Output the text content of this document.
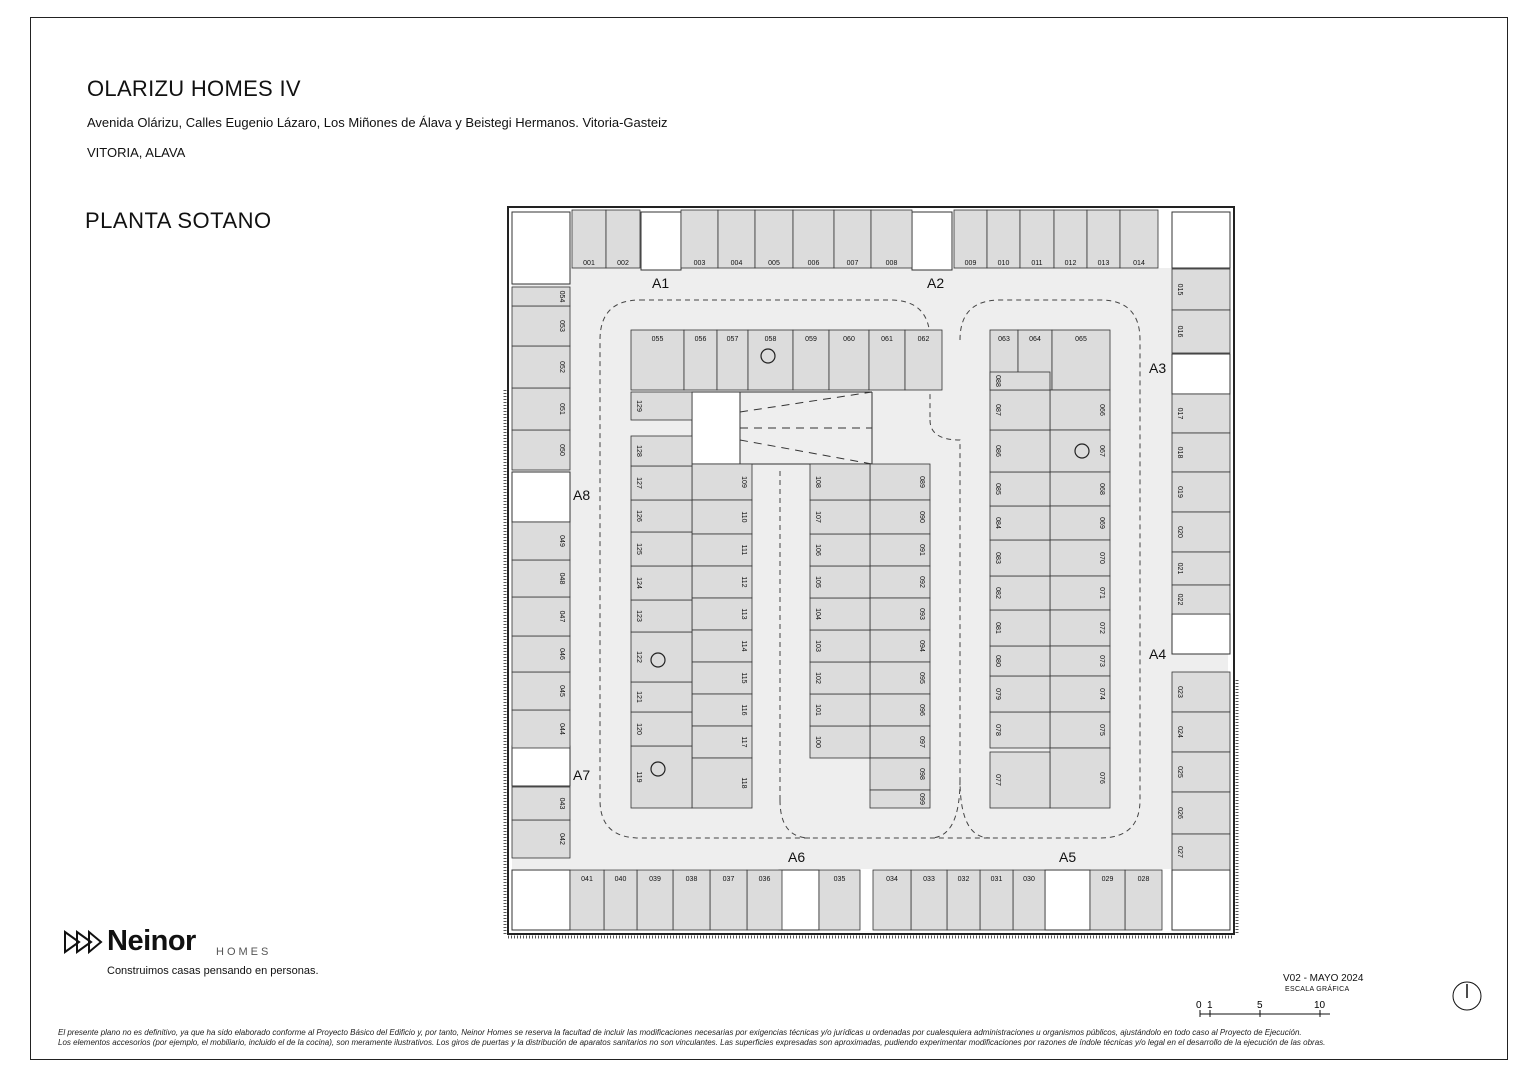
OLARIZU HOMES IV
Avenida Olárizu, Calles Eugenio Lázaro, Los Miñones de Álava y Beistegi Hermanos. Vitoria-Gasteiz
VITORIA, ALAVA
PLANTA SOTANO
001	002	003	004	005	006	007	008	009	010	011	012	013	014
015
016
017
018
019
020
021
022
023
024
025
026
027
028
029
030
031
032
033
034
035
036
037
038
039
040
041
042
043
044
045
046
047
048
049
050
051
052
053
054
055	056	057	058	059	060	061	062	063	064	065
066
067
068
069
070
071
072
073
074
075
076
077
078
079
080
081
082
083
084
085
086
087
088
089
090
091
092
093
094
095
096
097
098
099
100
101
102
103
104
105
106
107
108
109
110
111
112
113
114
115
116
117
118
119
120
121
122
123
124
125
126
127
128
129
A1	A2
A3
A4
A5
A6
A7
A8
Neinor HOMES
Construimos casas pensando en personas.
V02 - MAYO 2024
ESCALA GRÁFICA
0 1	5	10
El presente plano no es definitivo, ya que ha sido elaborado conforme al Proyecto Básico del Edificio y, por tanto, Neinor Homes se reserva la facultad de incluir las modificaciones necesarias por exigencias técnicas y/o jurídicas u ordenadas por cualesquiera administraciones u organismos públicos, ajustándolo en todo caso al Proyecto de Ejecución.
Los elementos accesorios (por ejemplo, el mobiliario, incluido el de la cocina), son meramente ilustrativos. Los giros de puertas y la distribución de aparatos sanitarios no son vinculantes. Las superficies expresadas son aproximadas, pudiendo experimentar modificaciones por razones de índole técnicas y/o legal en el desarrollo de la ejecución de las obras.
